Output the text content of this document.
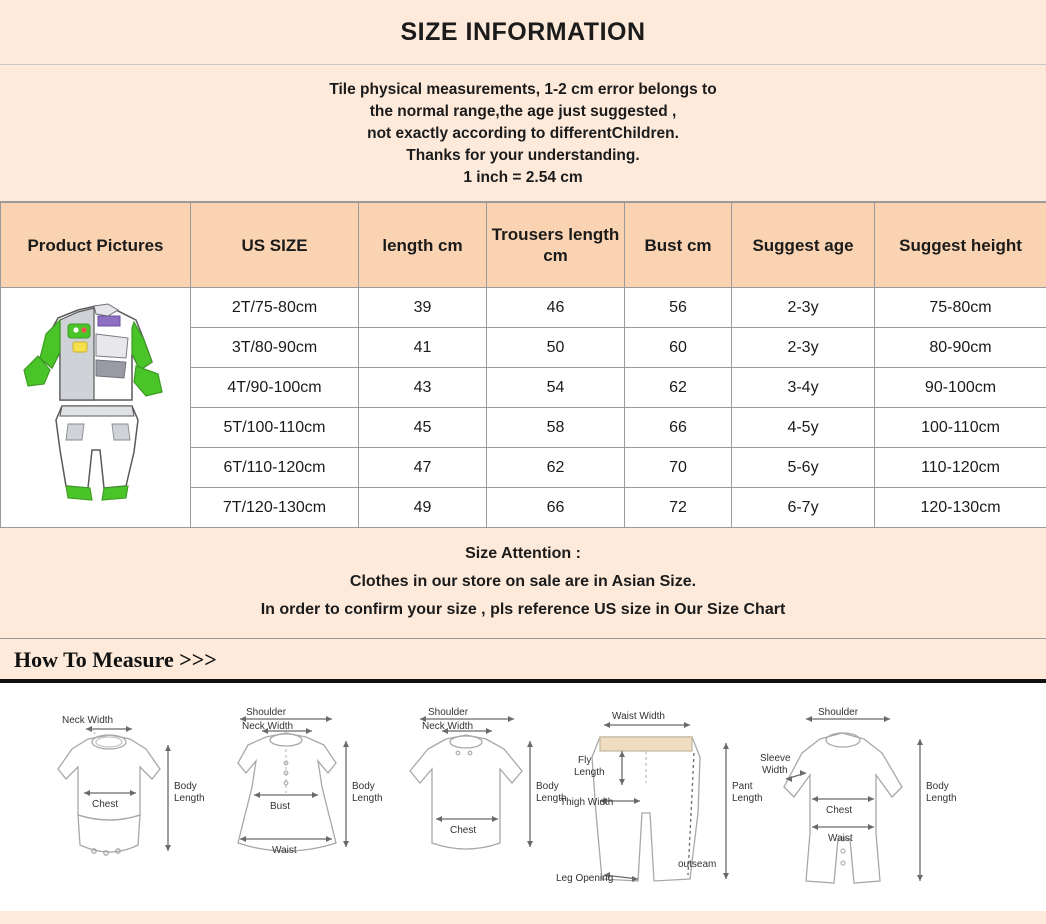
SIZE INFORMATION
Tile physical measurements, 1-2 cm error belongs to
the normal range,the age just suggested ,
not exactly according to differentChildren.
Thanks for your understanding.
1 inch = 2.54 cm
Product Pictures	US SIZE	length cm	Trousers length cm	Bust cm	Suggest age	Suggest height

	2T/75-80cm	39	46	56	2-3y	75-80cm
	3T/80-90cm	41	50	60	2-3y	80-90cm
	4T/90-100cm	43	54	62	3-4y	90-100cm
	5T/100-110cm	45	58	66	4-5y	100-110cm
	6T/110-120cm	47	62	70	5-6y	110-120cm
	7T/120-130cm	49	66	72	6-7y	120-130cm
Size Attention :
Clothes in our store on sale are in Asian Size.
In order to confirm your size , pls reference US size in Our Size Chart
How To Measure >>>
Neck Width
Chest
Body
Length
Shoulder
Neck Width
Bust
Waist
Body
Length
Shoulder
Neck Width
Chest
Body
Length
Waist Width
Fly
Length
Thigh Width
Leg Opening
outseam
Pant
Length
Shoulder
Sleeve
Width
Chest
Waist
Body
Length
